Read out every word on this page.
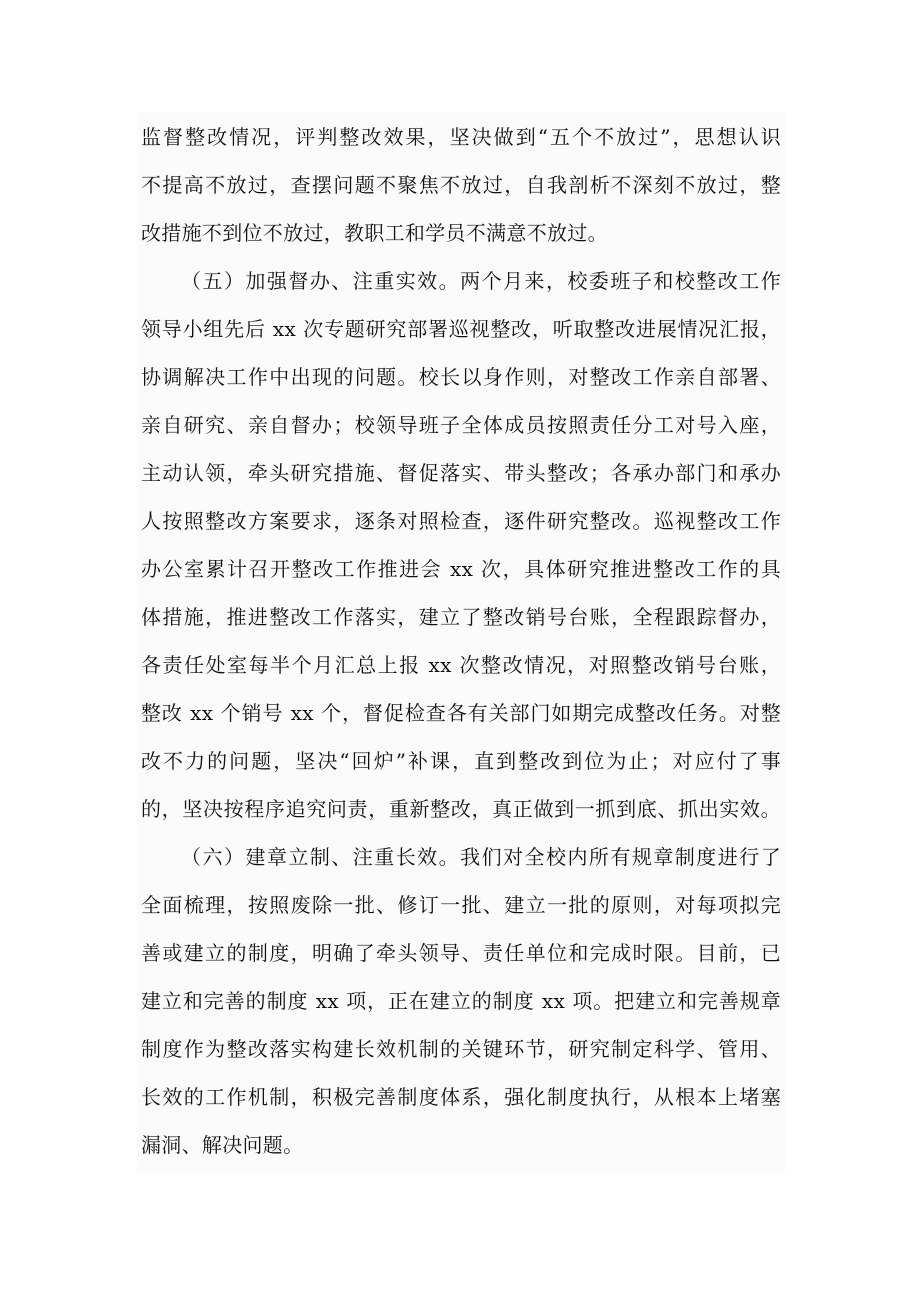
监督整改情况，评判整改效果，坚决做到“五个不放过”，思想认识
不提高不放过，查摆问题不聚焦不放过，自我剖析不深刻不放过，整
改措施不到位不放过，教职工和学员不满意不放过。
（五）加强督办、注重实效。两个月来，校委班子和校整改工作
领导小组先后 xx 次专题研究部署巡视整改，听取整改进展情况汇报，
协调解决工作中出现的问题。校长以身作则，对整改工作亲自部署、
亲自研究、亲自督办；校领导班子全体成员按照责任分工对号入座，
主动认领，牵头研究措施、督促落实、带头整改；各承办部门和承办
人按照整改方案要求，逐条对照检查，逐件研究整改。巡视整改工作
办公室累计召开整改工作推进会 xx 次，具体研究推进整改工作的具
体措施，推进整改工作落实，建立了整改销号台账，全程跟踪督办，
各责任处室每半个月汇总上报 xx 次整改情况，对照整改销号台账，
整改 xx 个销号 xx 个，督促检查各有关部门如期完成整改任务。对整
改不力的问题，坚决“回炉”补课，直到整改到位为止；对应付了事
的，坚决按程序追究问责，重新整改，真正做到一抓到底、抓出实效。
（六）建章立制、注重长效。我们对全校内所有规章制度进行了
全面梳理，按照废除一批、修订一批、建立一批的原则，对每项拟完
善或建立的制度，明确了牵头领导、责任单位和完成时限。目前，已
建立和完善的制度 xx 项，正在建立的制度 xx 项。把建立和完善规章
制度作为整改落实构建长效机制的关键环节，研究制定科学、管用、
长效的工作机制，积极完善制度体系，强化制度执行，从根本上堵塞
漏洞、解决问题。
